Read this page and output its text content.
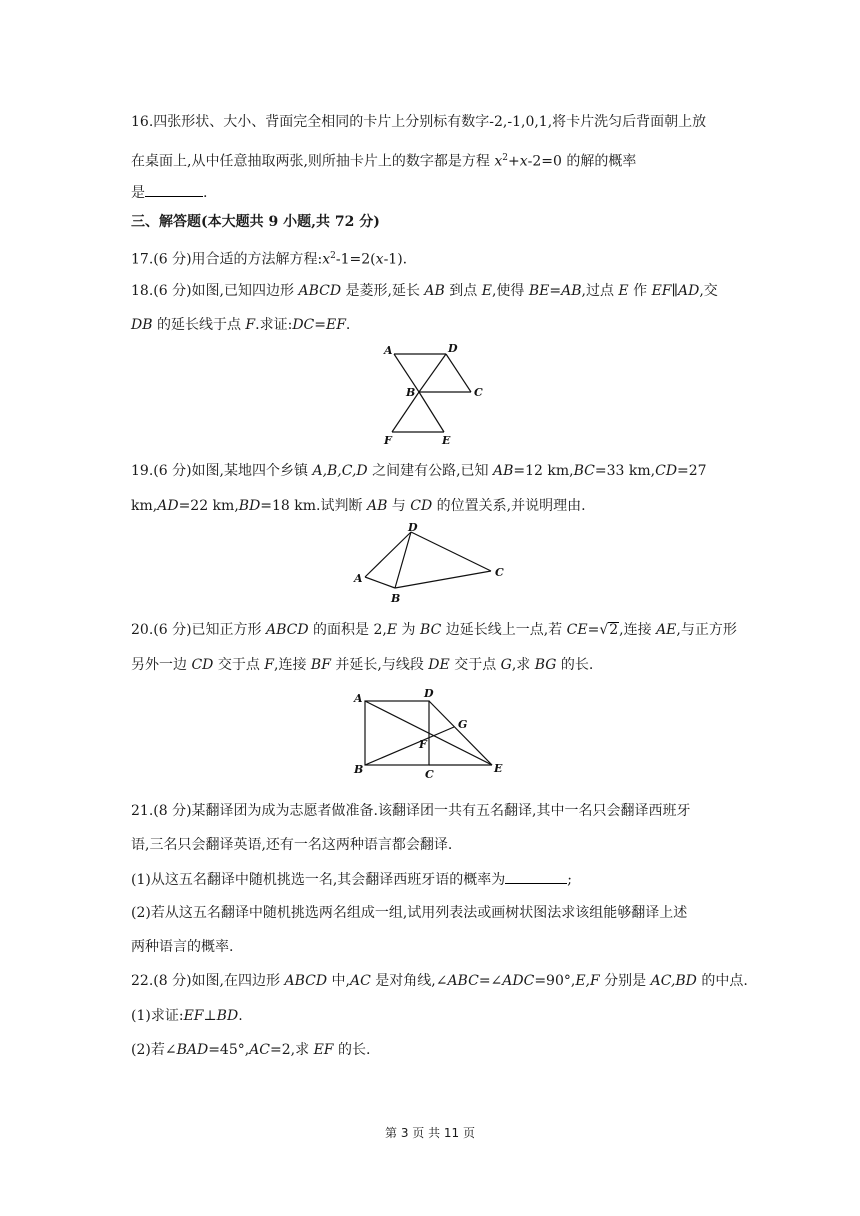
16.四张形状、大小、背面完全相同的卡片上分别标有数字-2,-1,0,1,将卡片洗匀后背面朝上放
在桌面上,从中任意抽取两张,则所抽卡片上的数字都是方程 $x^2+x-2=0$ 的解的概率
是	.
三、解答题(本大题共 9 小题,共 72 分)
17.(6 分)用合适的方法解方程$:x^2-1=2(x-1)$.
18.(6 分)如图,已知四边形 ABCD 是菱形,延长 AB 到点 E,使得 BE=AB,过点 E 作 EF∥AD,交
DB 的延长线于点 F.求证:DC=EF.
A	D
B	C
F	E
19.(6 分)如图,某地四个乡镇 A,B,C,D 之间建有公路,已知 AB=12 km,BC=33 km,CD=27
km,AD=22 km,BD=18 km.试判断 AB 与 CD 的位置关系,并说明理由.
D
A
B
C
20.(6 分)已知正方形 ABCD 的面积是 2,E 为 BC 边延长线上一点,若 CE=√2,连接 AE,与正方形
另外一边 CD 交于点 F,连接 BF 并延长,与线段 DE 交于点 G,求 BG 的长.
A	D
G
F
B	C	E
21.(8 分)某翻译团为成为志愿者做准备.该翻译团一共有五名翻译,其中一名只会翻译西班牙
语,三名只会翻译英语,还有一名这两种语言都会翻译.
(1)从这五名翻译中随机挑选一名,其会翻译西班牙语的概率为	;
(2)若从这五名翻译中随机挑选两名组成一组,试用列表法或画树状图法求该组能够翻译上述
两种语言的概率.
22.(8 分)如图,在四边形 ABCD 中,AC 是对角线,∠ABC=∠ADC=90°,E,F 分别是 AC,BD 的中点.
(1)求证:EF⊥BD.
(2)若∠BAD=45°,AC=2,求 EF 的长.
第 3 页 共 11 页
